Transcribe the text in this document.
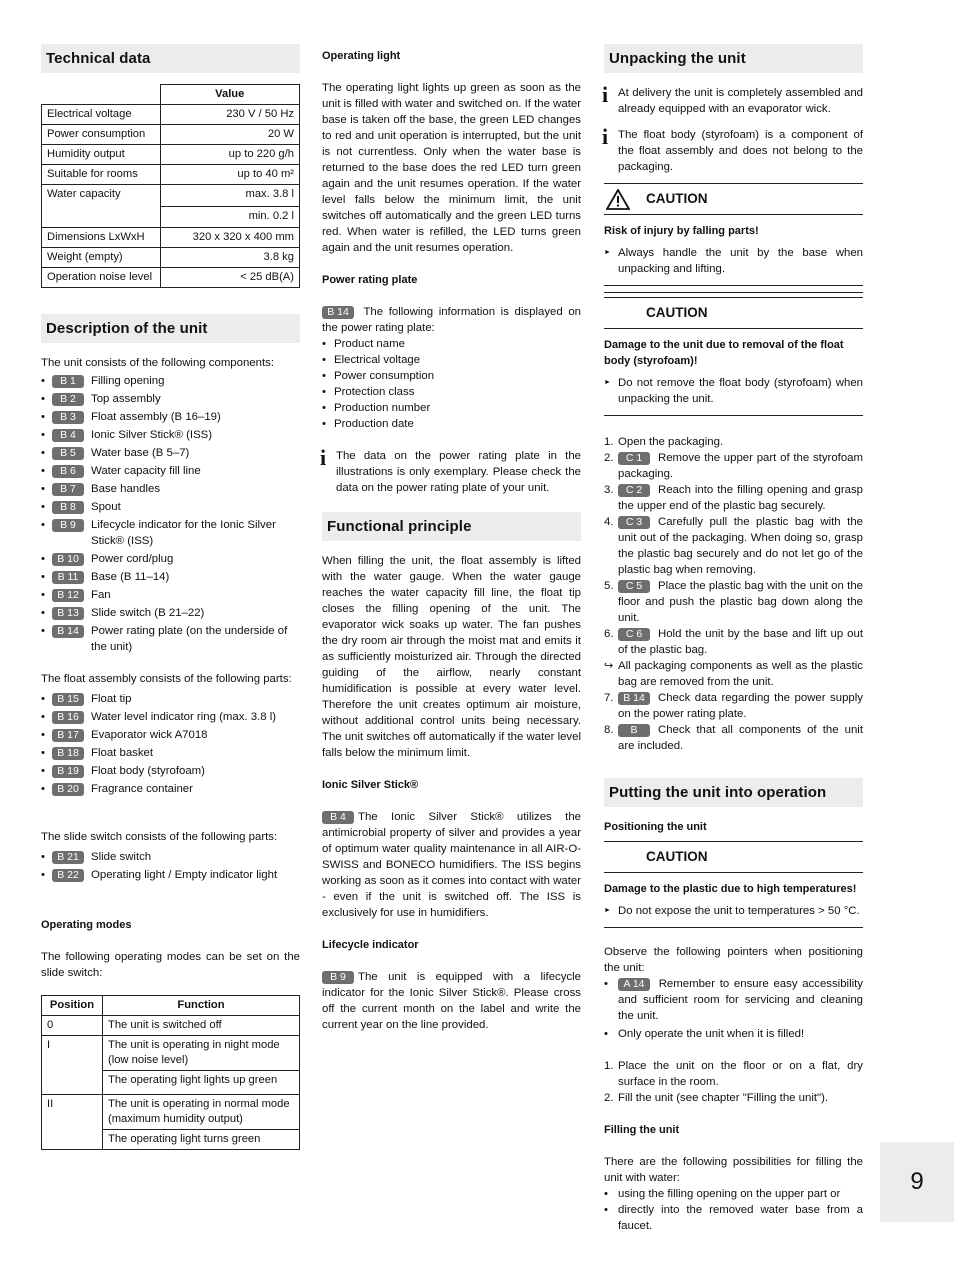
Technical data
	Value
Electrical voltage	230 V / 50 Hz
Power consumption	20 W
Humidity output	up to 220 g/h
Suitable for rooms	up to 40 m²
Water capacity	max. 3.8 l
	min. 0.2 l
Dimensions LxWxH	320 x 320 x 400 mm
Weight (empty)	3.8 kg
Operation noise level	< 25 dB(A)
Description of the unit

The unit consists of the following components:

• B 1	Filling opening
• B 2	Top assembly
• B 3	Float assembly (B 16–19)
• B 4	Ionic Silver Stick® (ISS)
• B 5	Water base (B 5–7)
• B 6	Water capacity fill line
• B 7	Base handles
• B 8	Spout
• B 9	Lifecycle indicator for the Ionic Silver Stick® (ISS)
• B 10	Power cord/plug
• B 11	Base (B 11–14)
• B 12	Fan
• B 13	Slide switch (B 21–22)
• B 14	Power rating plate (on the underside of the unit)

The float assembly consists of the following parts:

• B 15	Float tip
• B 16	Water level indicator ring (max. 3.8 l)
• B 17	Evaporator wick A7018
• B 18	Float basket
• B 19	Float body (styrofoam)
• B 20	Fragrance container

The slide switch consists of the following parts:

• B 21	Slide switch
• B 22	Operating light / Empty indicator light
Operating modes

The following operating modes can be set on the slide switch:

Position	Function
0	The unit is switched off
I	The unit is operating in night mode (low noise level)
	The operating light lights up green
II	The unit is operating in normal mode (maximum humidity output)
	The operating light turns green
Operating light

The operating light lights up green as soon as the unit is filled with water and switched on. If the water base is taken off the base, the green LED changes to red and unit operation is interrupted, but the unit is not currentless. Only when the water base is returned to the base does the red LED turn green again and the unit resumes operation. If the water level falls below the minimum limit, the unit switches off automatically and the green LED turns red. When water is refilled, the LED turns green again and the unit resumes operation.

Power rating plate

B 14 The following information is displayed on the power rating plate:

• Product name
• Electrical voltage
• Power consumption
• Protection class
• Production number
• Production date
i The data on the power rating plate in the illustrations is only exemplary. Please check the data on the power rating plate of your unit.
Functional principle

When filling the unit, the float assembly is lifted with the water gauge. When the water gauge reaches the water capacity fill line, the float tip closes the filling opening of the unit. The evaporator wick soaks up water. The fan pushes the dry room air through the moist mat and emits it as sufficiently moisturized air. Through the directed guiding of the airflow, nearly constant humidification is possible at every water level. Therefore the unit creates optimum air moisture, without additional control units being necessary. The unit switches off automatically if the water level falls below the minimum limit.

Ionic Silver Stick®

B 4 The Ionic Silver Stick® utilizes the antimicrobial property of silver and provides a year of optimum water quality maintenance in all AIR-O-SWISS and BONECO humidifiers. The ISS begins working as soon as it comes into contact with water - even if the unit is switched off. The ISS is exclusively for use in humidifiers.

Lifecycle indicator

B 9 The unit is equipped with a lifecycle indicator for the Ionic Silver Stick®. Please cross off the current month on the label and write the current year on the line provided.

Unpacking the unit
i At delivery the unit is completely assembled and already equipped with an evaporator wick.
i The float body (styrofoam) is a component of the float assembly and does not belong to the packaging.
CAUTION
Risk of injury by falling parts!
► Always handle the unit by the base when unpacking and lifting.
CAUTION
Damage to the unit due to removal of the float body (styrofoam)!
► Do not remove the float body (styrofoam) when unpacking the unit.
1. Open the packaging.
2. C 1 Remove the upper part of the styrofoam packaging.
3. C 2 Reach into the filling opening and grasp the upper end of the plastic bag securely.
4. C 3 Carefully pull the plastic bag with the unit out of the packaging. When doing so, grasp the plastic bag securely and do not let go of the plastic bag when removing.
5. C 5 Place the plastic bag with the unit on the floor and push the plastic bag down along the unit.
6. C 6 Hold the unit by the base and lift up out of the plastic bag.
↪ All packaging components as well as the plastic bag are removed from the unit.
7. B 14 Check data regarding the power supply on the power rating plate.
8. B Check that all components of the unit are included.
Putting the unit into operation
Positioning the unit
CAUTION
Damage to the plastic due to high temperatures!
► Do not expose the unit to temperatures > 50 °C.

Observe the following pointers when positioning the unit:

• A 14 Remember to ensure easy accessibility and sufficient room for servicing and cleaning the unit.
• Only operate the unit when it is filled!
1. Place the unit on the floor or on a flat, dry surface in the room.
2. Fill the unit (see chapter "Filling the unit").
Filling the unit

There are the following possibilities for filling the unit with water:

• using the filling opening on the upper part or
• directly into the removed water base from a faucet.
9
